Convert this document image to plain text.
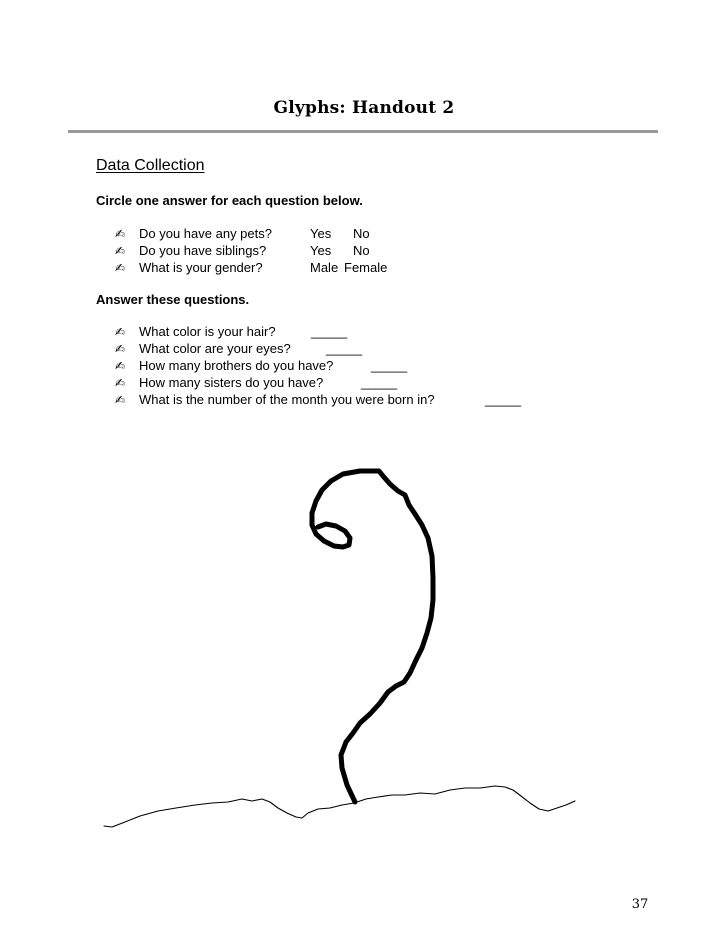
Glyphs: Handout 2
Data Collection

Circle one answer for each question below.

✍ Do you have any pets?	Yes No
✍ Do you have siblings?	Yes No
✍ What is your gender?	Male Female

Answer these questions.

✍ What color is your hair?	_____
✍ What color are your eyes?	_____
✍ How many brothers do you have?	_____
✍ How many sisters do you have?	_____
✍ What is the number of the month you were born in?	_____

37
